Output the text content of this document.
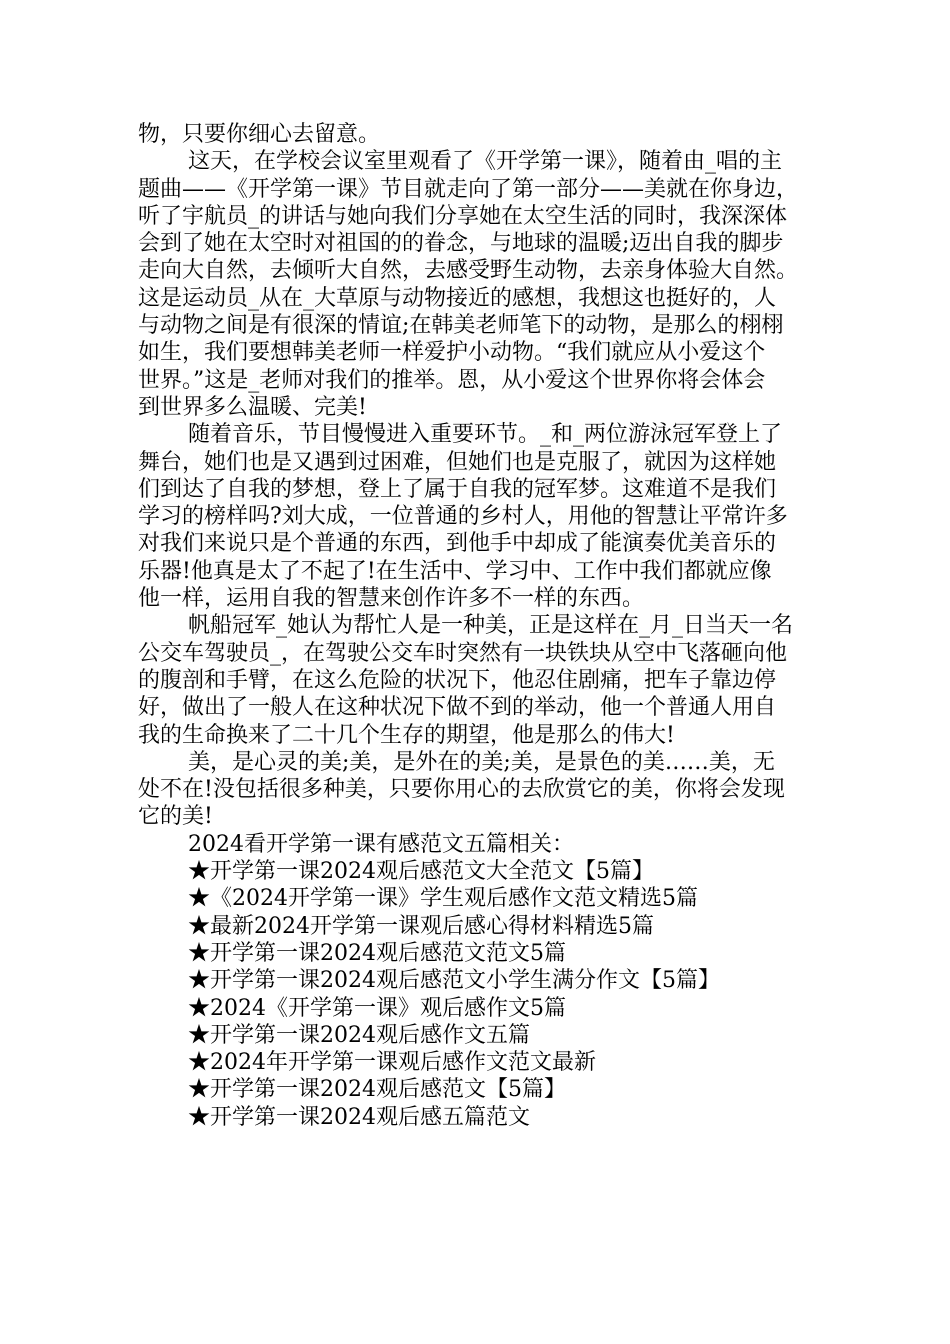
物，只要你细心去留意。
这天，在学校会议室里观看了《开学第一课》，随着由_唱的主
题曲——《开学第一课》节目就走向了第一部分——美就在你身边，
听了宇航员_的讲话与她向我们分享她在太空生活的同时，我深深体
会到了她在太空时对祖国的的眷念，与地球的温暖;迈出自我的脚步
走向大自然，去倾听大自然，去感受野生动物，去亲身体验大自然。
这是运动员_从在_大草原与动物接近的感想，我想这也挺好的，人
与动物之间是有很深的情谊;在韩美老师笔下的动物，是那么的栩栩
如生，我们要想韩美老师一样爱护小动物。“我们就应从小爱这个
世界。”这是_老师对我们的推举。恩，从小爱这个世界你将会体会
到世界多么温暖、完美!
随着音乐，节目慢慢进入重要环节。_和_两位游泳冠军登上了
舞台，她们也是又遇到过困难，但她们也是克服了，就因为这样她
们到达了自我的梦想，登上了属于自我的冠军梦。这难道不是我们
学习的榜样吗?刘大成，一位普通的乡村人，用他的智慧让平常许多
对我们来说只是个普通的东西，到他手中却成了能演奏优美音乐的
乐器!他真是太了不起了!在生活中、学习中、工作中我们都就应像
他一样，运用自我的智慧来创作许多不一样的东西。
帆船冠军_她认为帮忙人是一种美，正是这样在_月_日当天一名
公交车驾驶员_，在驾驶公交车时突然有一块铁块从空中飞落砸向他
的腹剖和手臂，在这么危险的状况下，他忍住剧痛，把车子靠边停
好，做出了一般人在这种状况下做不到的举动，他一个普通人用自
我的生命换来了二十几个生存的期望，他是那么的伟大!
美，是心灵的美;美，是外在的美;美，是景色的美……美，无
处不在!没包括很多种美，只要你用心的去欣赏它的美，你将会发现
它的美!
2024看开学第一课有感范文五篇相关：
★开学第一课2024观后感范文大全范文【5篇】
★《2024开学第一课》学生观后感作文范文精选5篇
★最新2024开学第一课观后感心得材料精选5篇
★开学第一课2024观后感范文范文5篇
★开学第一课2024观后感范文小学生满分作文【5篇】
★2024《开学第一课》观后感作文5篇
★开学第一课2024观后感作文五篇
★2024年开学第一课观后感作文范文最新
★开学第一课2024观后感范文【5篇】
★开学第一课2024观后感五篇范文
